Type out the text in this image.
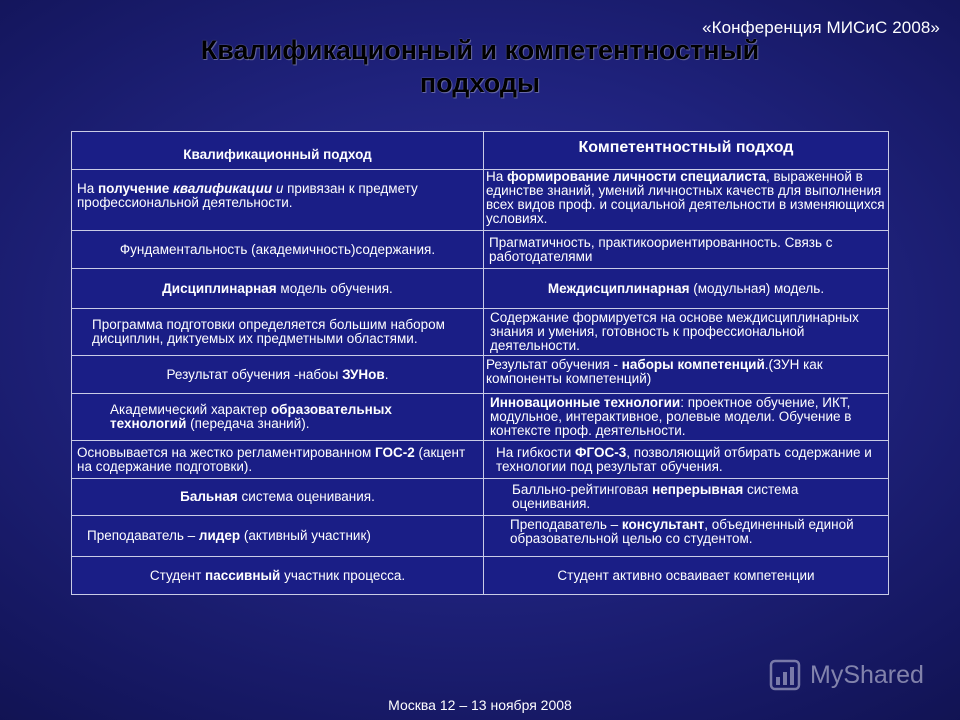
«Конференция МИСиС 2008»
Квалификационный и компетентностный
подходы
Квалификационный подход	Компетентностный подход
На получение квалификации и привязан к предмету профессиональной деятельности.	На формирование личности специалиста, выраженной в единстве знаний, умений личностных качеств для выполнения всех видов проф. и социальной деятельности в изменяющихся условиях.
Фундаментальность (академичность)содержания.	Прагматичность, практикоориентированность. Связь с работодателями
Дисциплинарная модель обучения.	Междисциплинарная (модульная) модель.
Программа подготовки определяется большим набором дисциплин, диктуемых их предметными областями.	Содержание формируется на основе междисциплинарных знания и умения, готовность к профессиональной деятельности.
Результат обучения -набоы ЗУНов.	Результат обучения - наборы компетенций.(ЗУН как компоненты компетенций)
Академический характер образовательных технологий (передача знаний).	Инновационные технологии: проектное обучение, ИКТ, модульное, интерактивное, ролевые модели. Обучение в контексте проф. деятельности.
Основывается на жестко регламентированном ГОС-2 (акцент на содержание подготовки).	На гибкости ФГОС-3, позволяющий отбирать содержание и технологии под результат обучения.
Бальная система оценивания.	Балльно-рейтинговая непрерывная система оценивания.
Преподаватель – лидер (активный участник)	Преподаватель – консультант, объединенный единой образовательной целью со студентом.
Студент пассивный участник процесса.	Студент активно осваивает компетенции
MyShared
Москва 12 – 13 ноября 2008
